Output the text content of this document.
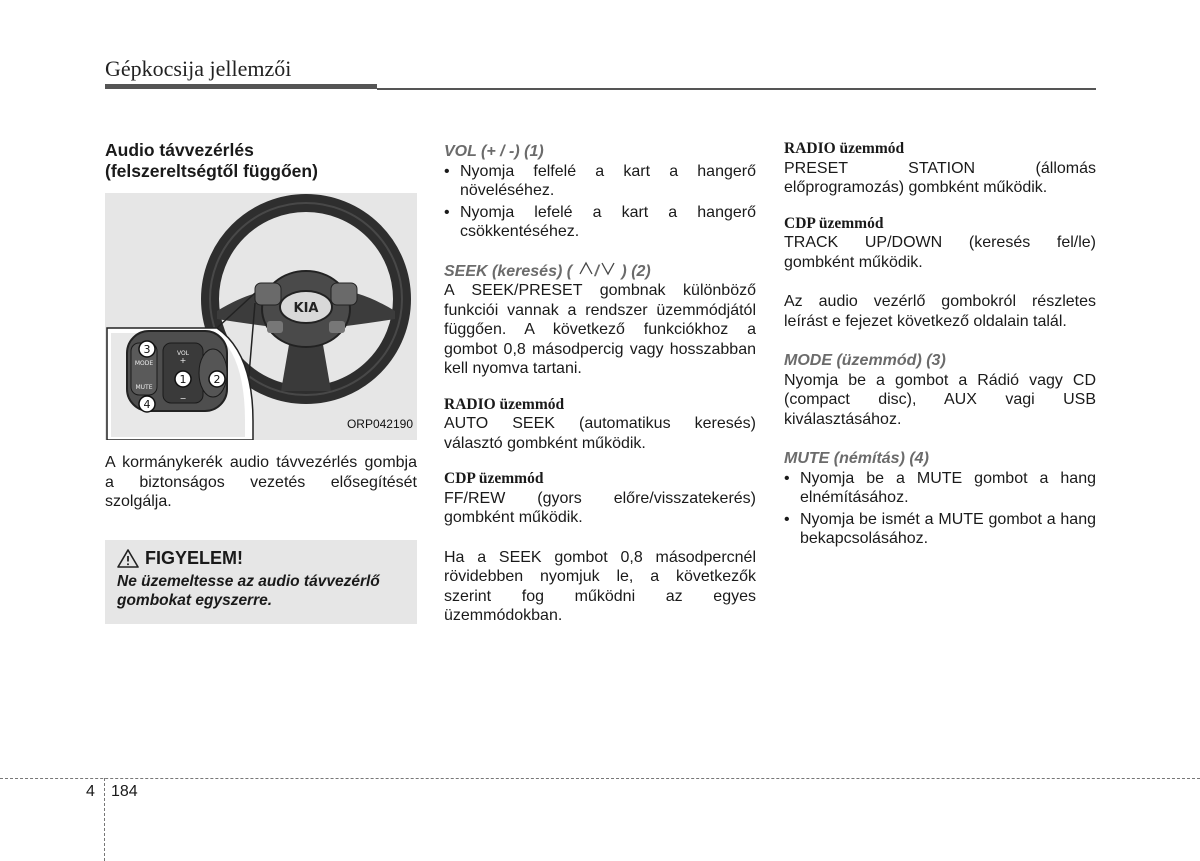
Gépkocsija jellemzői

Audio távvezérlés

(felszereltségtől függően)

KIA
MODE
MUTE
VOL
+
−
1 2
3
4
ORP042190

A kormánykerék audio távvezérlés gombja a biztonságos vezetés elősegítését szolgálja.

FIGYELEM!
Ne üzemeltesse az audio távvezérlő gombokat egyszerre.

VOL (+ / -) (1)

• Nyomja felfelé a kart a hangerő növeléséhez.
• Nyomja lefelé a kart a hangerő csökkentéséhez.

SEEK (keresés) ( / ) (2)

A SEEK/PRESET gombnak különböző funkciói vannak a rendszer üzemmódjától függően. A következő funkciókhoz a gombot 0,8 másodpercig vagy hosszabban kell nyomva tartani.

RADIO üzemmód

AUTO SEEK (automatikus keresés) választó gombként működik.

CDP üzemmód

FF/REW (gyors előre/visszatekerés) gombként működik.

Ha a SEEK gombot 0,8 másodpercnél rövidebben nyomjuk le, a következők szerint fog működni az egyes üzemmódokban.

RADIO üzemmód

PRESET STATION (állomás előprogramozás) gombként működik.

CDP üzemmód

TRACK UP/DOWN (keresés fel/le) gombként működik.

Az audio vezérlő gombokról részletes leírást e fejezet következő oldalain talál.

MODE (üzemmód) (3)

Nyomja be a gombot a Rádió vagy CD (compact disc), AUX vagi USB kiválasztásához.

MUTE (némítás) (4)

• Nyomja be a MUTE gombot a hang elnémításához.
• Nyomja be ismét a MUTE gombot a hang bekapcsolásához.
4 184
